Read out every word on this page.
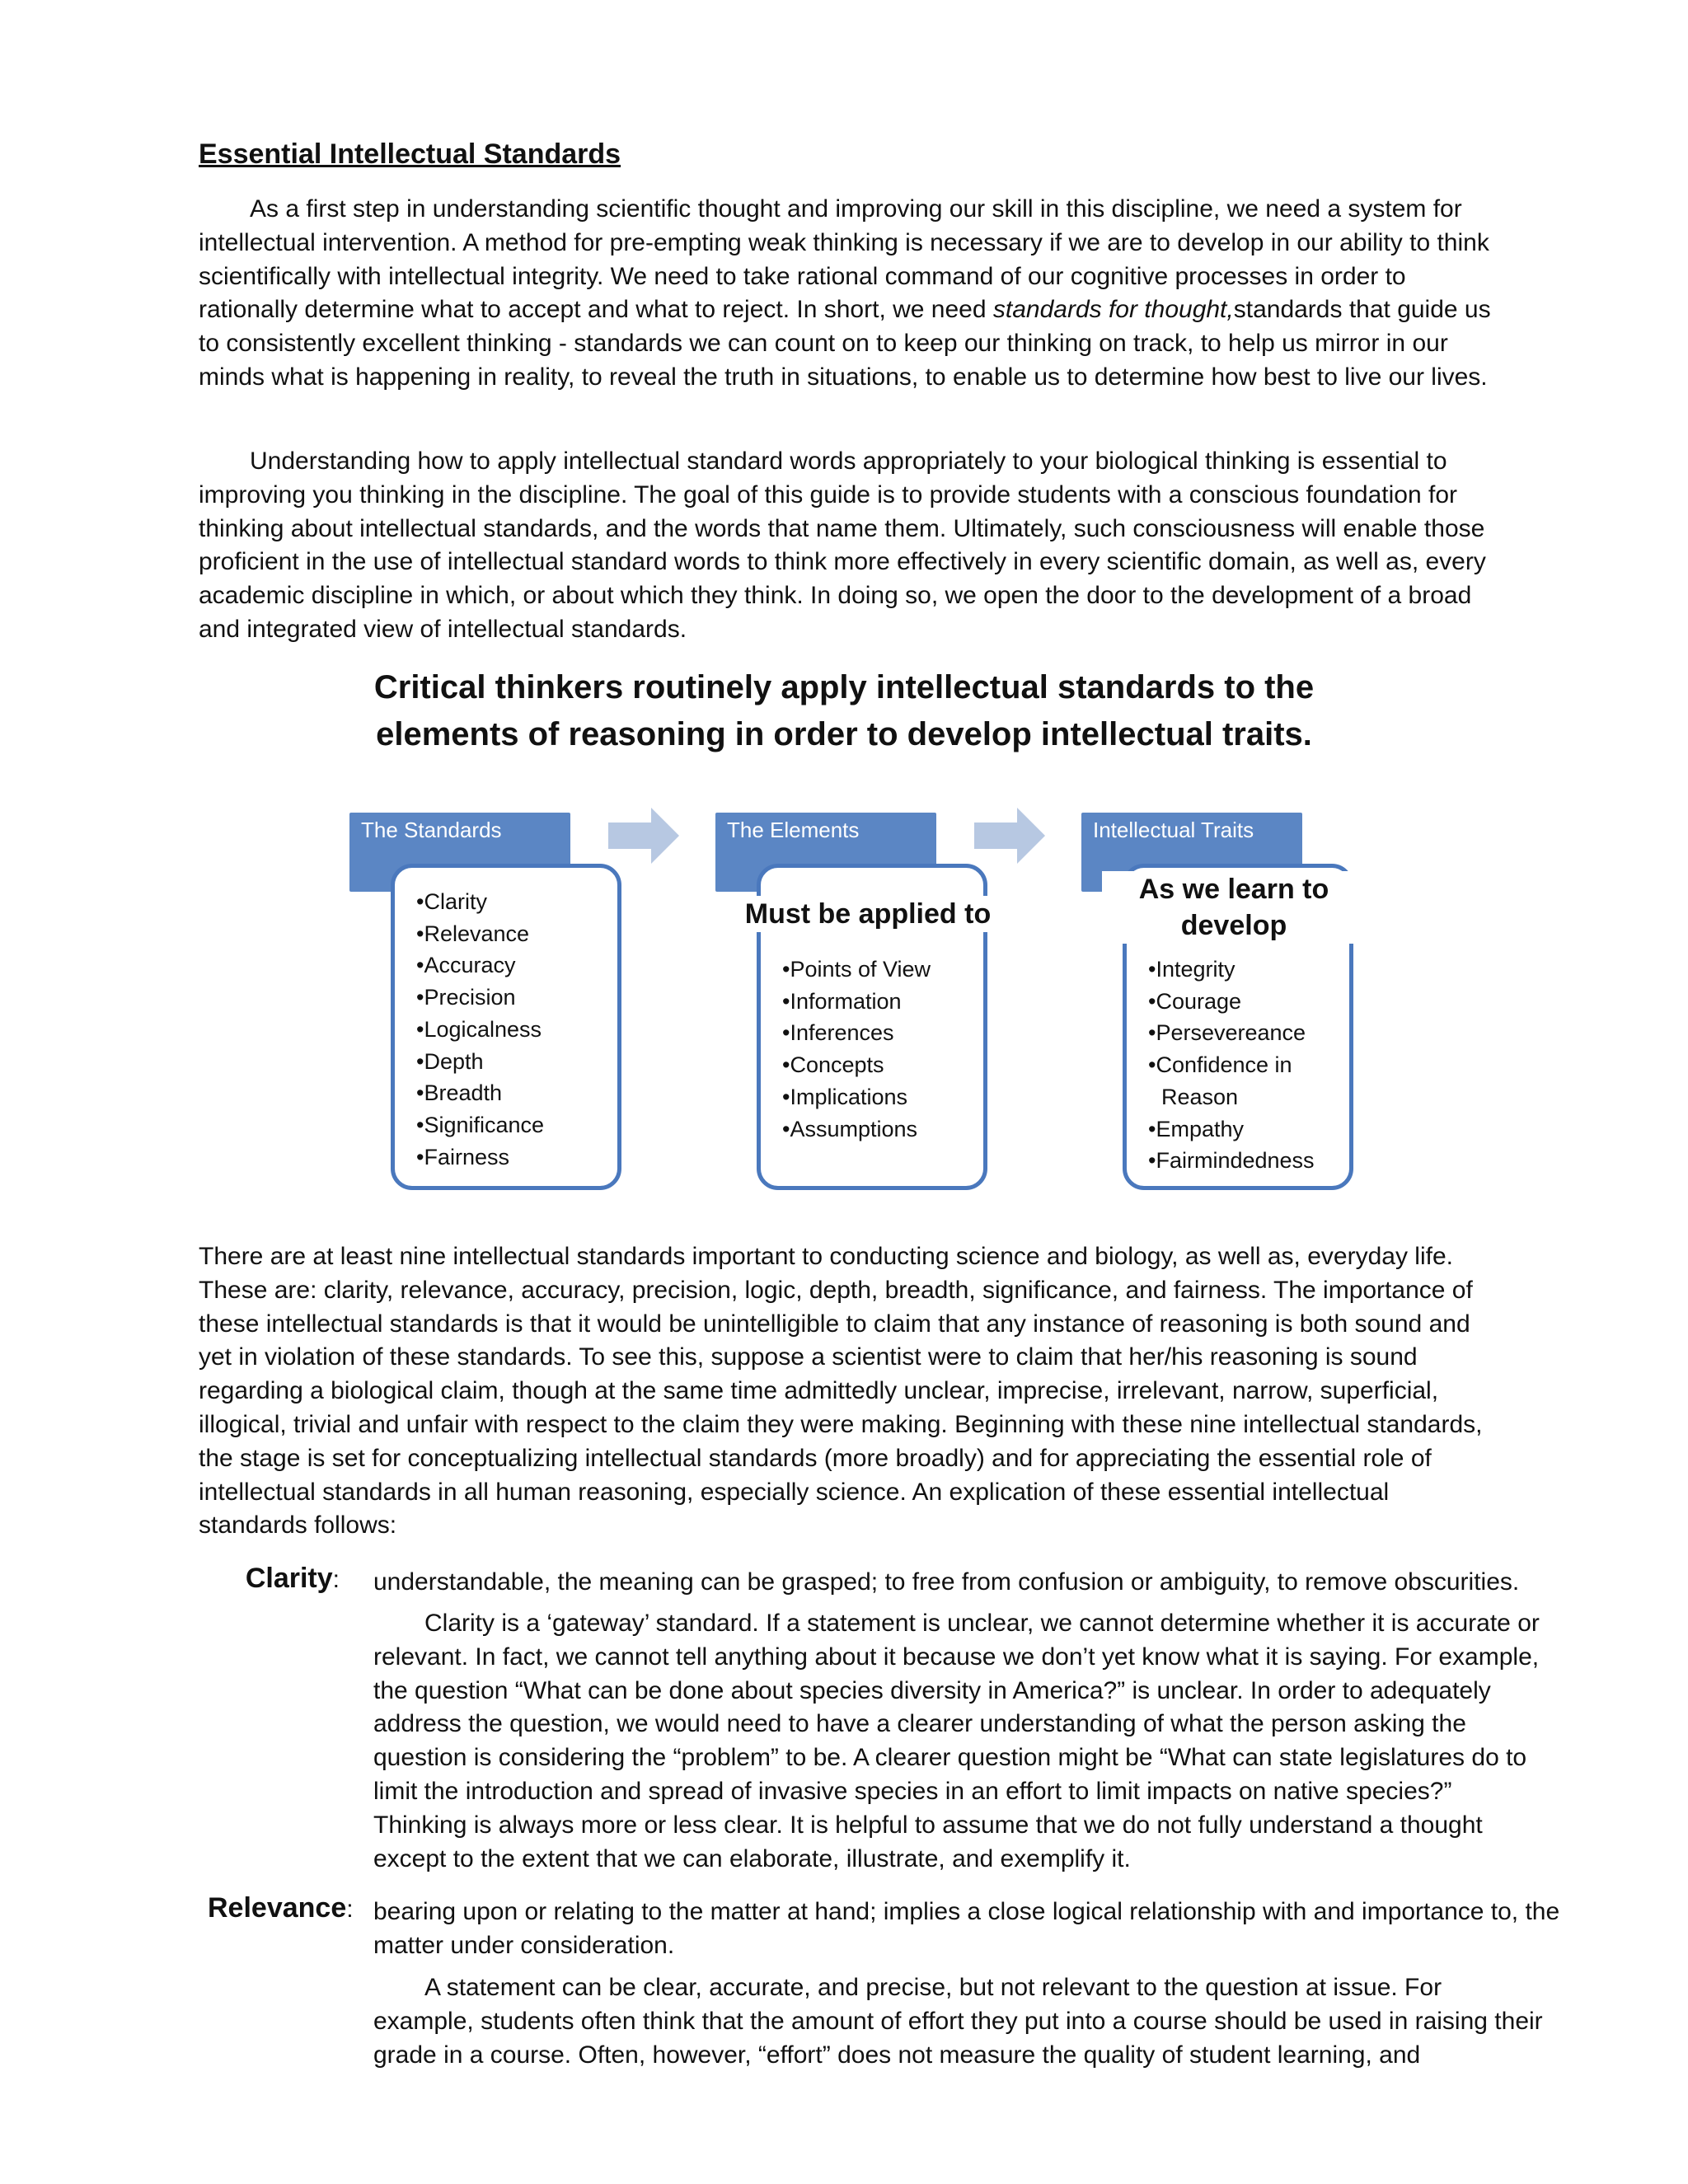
Essential Intellectual Standards

As a first step in understanding scientific thought and improving our skill in this discipline, we need a system for intellectual intervention. A method for pre-empting weak thinking is necessary if we are to develop in our ability to think scientifically with intellectual integrity. We need to take rational command of our cognitive processes in order to rationally determine what to accept and what to reject. In short, we need standards for thought,standards that guide us to consistently excellent thinking - standards we can count on to keep our thinking on track, to help us mirror in our minds what is happening in reality, to reveal the truth in situations, to enable us to determine how best to live our lives.

Understanding how to apply intellectual standard words appropriately to your biological thinking is essential to improving you thinking in the discipline. The goal of this guide is to provide students with a conscious foundation for thinking about intellectual standards, and the words that name them. Ultimately, such consciousness will enable those proficient in the use of intellectual standard words to think more effectively in every scientific domain, as well as, every academic discipline in which, or about which they think. In doing so, we open the door to the development of a broad and integrated view of intellectual standards.

Critical thinkers routinely apply intellectual standards to the
elements of reasoning in order to develop intellectual traits.
The Standards
• Clarity
• Relevance
• Accuracy
• Precision
• Logicalness
• Depth
• Breadth
• Significance
• Fairness
The Elements
• Points of View
• Information
• Inferences
• Concepts
• Implications
• Assumptions
Must be applied to
Intellectual Traits
• Integrity
• Courage
• Persevereance
• Confidence in
Reason
• Empathy
• Fairmindedness
As we learn to
develop

There are at least nine intellectual standards important to conducting science and biology, as well as, everyday life. These are: clarity, relevance, accuracy, precision, logic, depth, breadth, significance, and fairness. The importance of these intellectual standards is that it would be unintelligible to claim that any instance of reasoning is both sound and yet in violation of these standards. To see this, suppose a scientist were to claim that her/his reasoning is sound regarding a biological claim, though at the same time admittedly unclear, imprecise, irrelevant, narrow, superficial, illogical, trivial and unfair with respect to the claim they were making. Beginning with these nine intellectual standards, the stage is set for conceptualizing intellectual standards (more broadly) and for appreciating the essential role of intellectual standards in all human reasoning, especially science. An explication of these essential intellectual standards follows:

Clarity: understandable, the meaning can be grasped; to free from confusion or ambiguity, to remove obscurities.

Clarity is a ‘gateway’ standard. If a statement is unclear, we cannot determine whether it is accurate or relevant. In fact, we cannot tell anything about it because we don’t yet know what it is saying. For example, the question “What can be done about species diversity in America?” is unclear. In order to adequately address the question, we would need to have a clearer understanding of what the person asking the question is considering the “problem” to be. A clearer question might be “What can state legislatures do to limit the introduction and spread of invasive species in an effort to limit impacts on native species?” Thinking is always more or less clear. It is helpful to assume that we do not fully understand a thought except to the extent that we can elaborate, illustrate, and exemplify it.

Relevance: bearing upon or relating to the matter at hand; implies a close logical relationship with and importance to, the matter under consideration.

A statement can be clear, accurate, and precise, but not relevant to the question at issue. For example, students often think that the amount of effort they put into a course should be used in raising their grade in a course. Often, however, “effort” does not measure the quality of student learning, and
